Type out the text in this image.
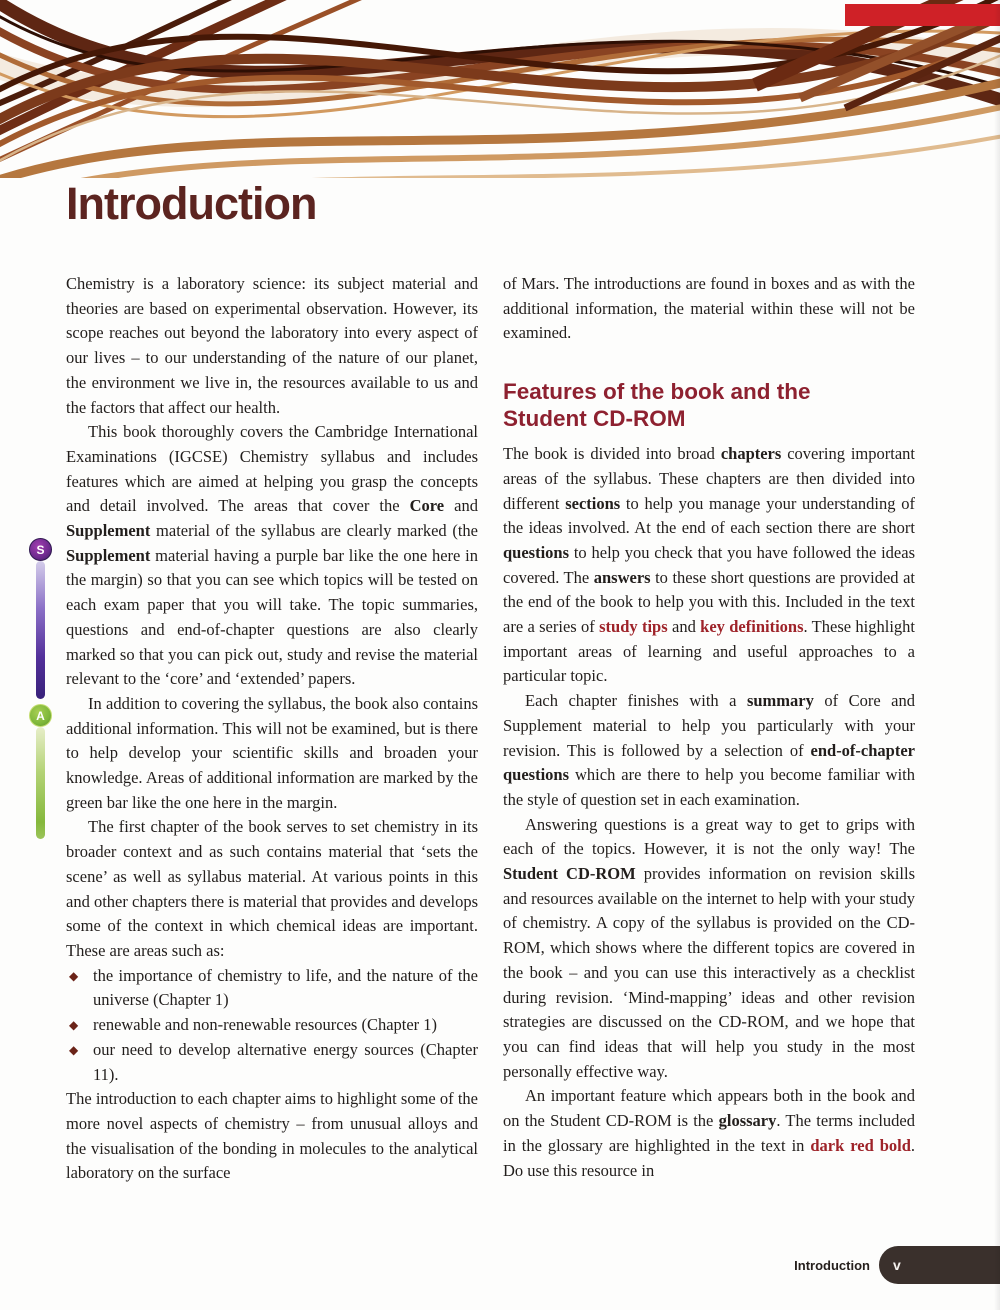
Introduction
S
A

Chemistry is a laboratory science: its subject material and theories are based on experimental observation. However, its scope reaches out beyond the laboratory into every aspect of our lives – to our understanding of the nature of our planet, the environment we live in, the resources available to us and the factors that affect our health.

This book thoroughly covers the Cambridge International Examinations (IGCSE) Chemistry syllabus and includes features which are aimed at helping you grasp the concepts and detail involved. The areas that cover the Core and Supplement material of the syllabus are clearly marked (the Supplement material having a purple bar like the one here in the margin) so that you can see which topics will be tested on each exam paper that you will take. The topic summaries, questions and end-of-chapter questions are also clearly marked so that you can pick out, study and revise the material relevant to the ‘core’ and ‘extended’ papers.

In addition to covering the syllabus, the book also contains additional information. This will not be examined, but is there to help develop your scientific skills and broaden your knowledge. Areas of additional information are marked by the green bar like the one here in the margin.

The first chapter of the book serves to set chemistry in its broader context and as such contains material that ‘sets the scene’ as well as syllabus material. At various points in this and other chapters there is material that provides and develops some of the context in which chemical ideas are important. These are areas such as:

◆ the importance of chemistry to life, and the nature of the universe (Chapter 1)
◆ renewable and non-renewable resources (Chapter 1)
◆ our need to develop alternative energy sources (Chapter 11).

The introduction to each chapter aims to highlight some of the more novel aspects of chemistry – from unusual alloys and the visualisation of the bonding in molecules to the analytical laboratory on the surface

of Mars. The introductions are found in boxes and as with the additional information, the material within these will not be examined.

Features of the book and the
Student CD-ROM

The book is divided into broad chapters covering important areas of the syllabus. These chapters are then divided into different sections to help you manage your understanding of the ideas involved. At the end of each section there are short questions to help you check that you have followed the ideas covered. The answers to these short questions are provided at the end of the book to help you with this. Included in the text are a series of study tips and key definitions. These highlight important areas of learning and useful approaches to a particular topic.

Each chapter finishes with a summary of Core and Supplement material to help you particularly with your revision. This is followed by a selection of end-of-chapter questions which are there to help you become familiar with the style of question set in each examination.

Answering questions is a great way to get to grips with each of the topics. However, it is not the only way! The Student CD-ROM provides information on revision skills and resources available on the internet to help with your study of chemistry. A copy of the syllabus is provided on the CD-ROM, which shows where the different topics are covered in the book – and you can use this interactively as a checklist during revision. ‘Mind-mapping’ ideas and other revision strategies are discussed on the CD-ROM, and we hope that you can find ideas that will help you study in the most personally effective way.

An important feature which appears both in the book and on the Student CD-ROM is the glossary. The terms included in the glossary are highlighted in the text in dark red bold. Do use this resource in

Introduction v
